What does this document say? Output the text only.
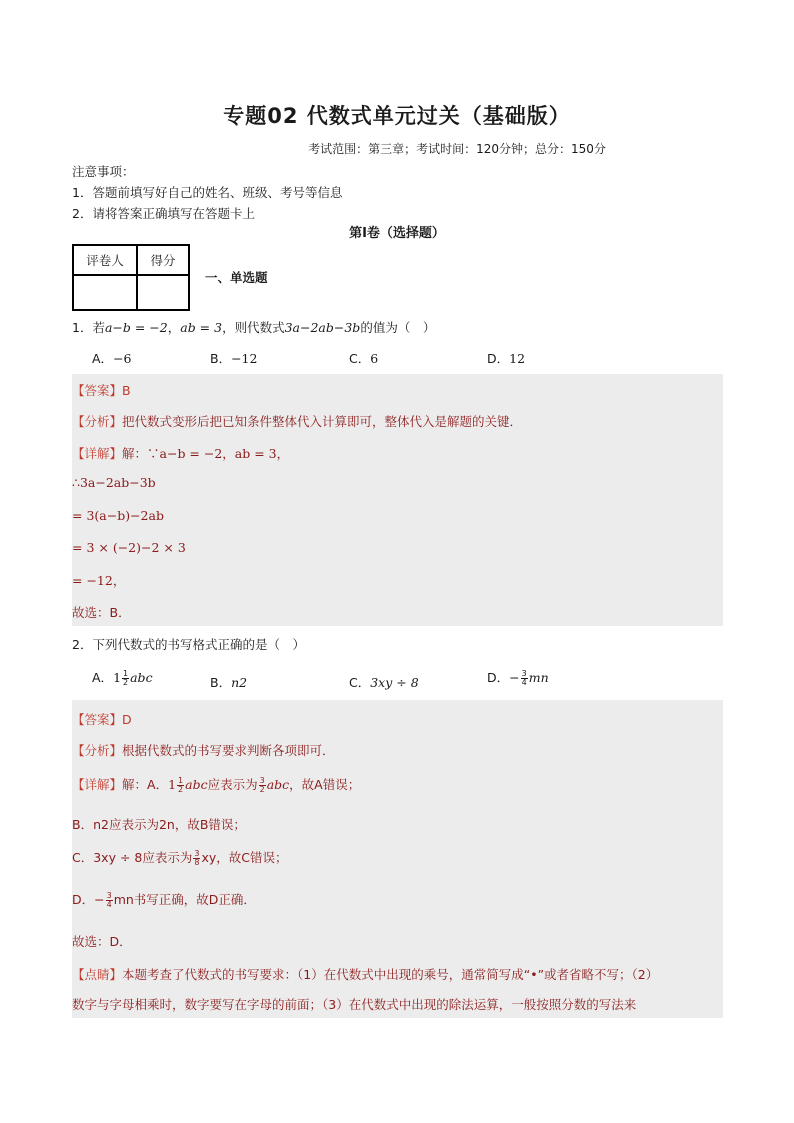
专题02 代数式单元过关（基础版）
考试范围：第三章；考试时间：120分钟；总分：150分
注意事项：
1．答题前填写好自己的姓名、班级、考号等信息
2．请将答案正确填写在答题卡上
第I卷（选择题）
评卷人	得分

一、单选题
1．若a−b = −2，ab = 3，则代数式3a−2ab−3b的值为（　）
A．−6	B．−12	C．6	D．12
【答案】B
【分析】把代数式变形后把已知条件整体代入计算即可，整体代入是解题的关键．
【详解】解：∵a−b = −2，ab = 3，
∴3a−2ab−3b
= 3(a−b)−2ab
= 3 × (−2)−2 × 3
= −12，
故选：B．
2．下列代数式的书写格式正确的是（　）
A．$1 \frac{1}{2}$ abc	B．n2	C．3xy ÷ 8	D．− $\frac{3}{4}$ mn
【答案】D
【分析】根据代数式的书写要求判断各项即可．
【详解】解：A．$1 \frac{1}{2}$ abc应表示为 $\frac{3}{2}$ abc，故A错误；
B．n2应表示为2n，故B错误；
C．3xy ÷ 8应表示为 $\frac{3}{8}$ xy，故C错误；
D．− $\frac{3}{4}$ mn书写正确，故D正确．
故选：D．
【点睛】本题考查了代数式的书写要求：（1）在代数式中出现的乘号，通常简写成“•”或者省略不写；（2）
数字与字母相乘时，数字要写在字母的前面；（3）在代数式中出现的除法运算，一般按照分数的写法来
